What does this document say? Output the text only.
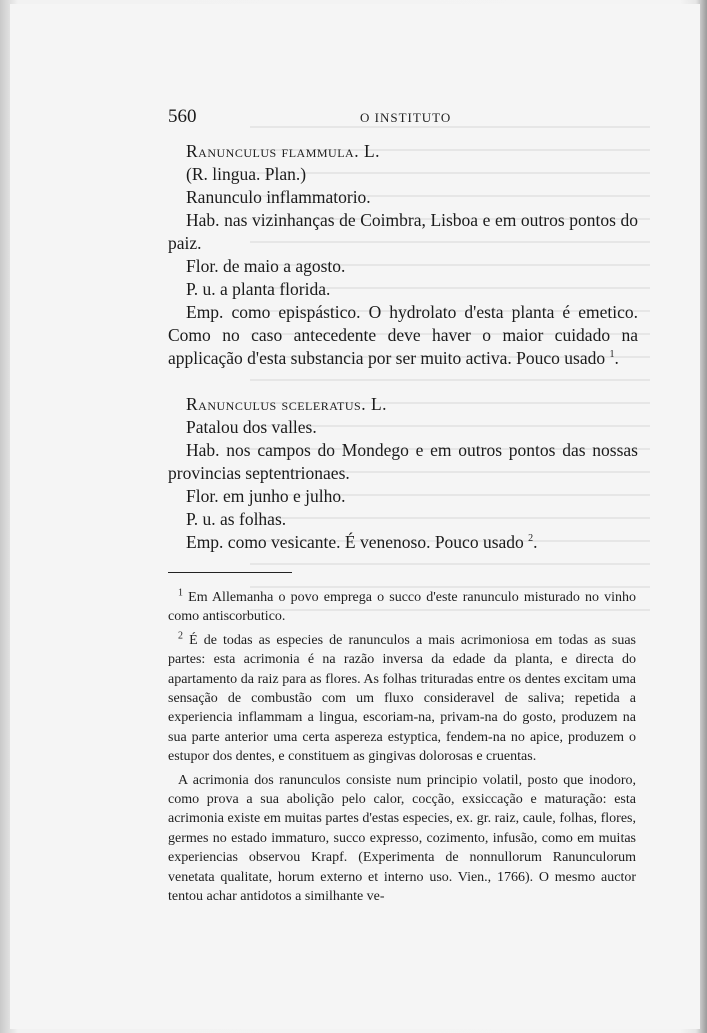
560	O INSTITUTO

Ranunculus flammula. L.

(R. lingua. Plan.)

Ranunculo inflammatorio.

Hab. nas vizinhanças de Coimbra, Lisboa e em outros pontos do paiz.

Flor. de maio a agosto.

P. u. a planta florida.

Emp. como epispástico. O hydrolato d'esta planta é emetico. Como no caso antecedente deve haver o maior cuidado na applicação d'esta substancia por ser muito activa. Pouco usado $^1$.

Ranunculus sceleratus. L.

Patalou dos valles.

Hab. nos campos do Mondego e em outros pontos das nossas provincias septentrionaes.

Flor. em junho e julho.

P. u. as folhas.

Emp. como vesicante. É venenoso. Pouco usado $^2$.

$^1$ Em Allemanha o povo emprega o succo d'este ranunculo misturado no vinho como antiscorbutico.

$^2$ É de todas as especies de ranunculos a mais acrimoniosa em todas as suas partes: esta acrimonia é na razão inversa da edade da planta, e directa do apartamento da raiz para as flores. As folhas trituradas entre os dentes excitam uma sensação de combustão com um fluxo consideravel de saliva; repetida a experiencia inflammam a lingua, escoriam-na, privam-na do gosto, produzem na sua parte anterior uma certa aspereza estyptica, fendem-na no apice, produzem o estupor dos dentes, e constituem as gingivas dolorosas e cruentas.

A acrimonia dos ranunculos consiste num principio volatil, posto que inodoro, como prova a sua abolição pelo calor, cocção, exsiccação e maturação: esta acrimonia existe em muitas partes d'estas especies, ex. gr. raiz, caule, folhas, flores, germes no estado immaturo, succo expresso, cozimento, infusão, como em muitas experiencias observou Krapf. (Experimenta de nonnullorum Ranunculorum venetata qualitate, horum externo et interno uso. Vien., 1766). O mesmo auctor tentou achar antidotos a similhante ve-
